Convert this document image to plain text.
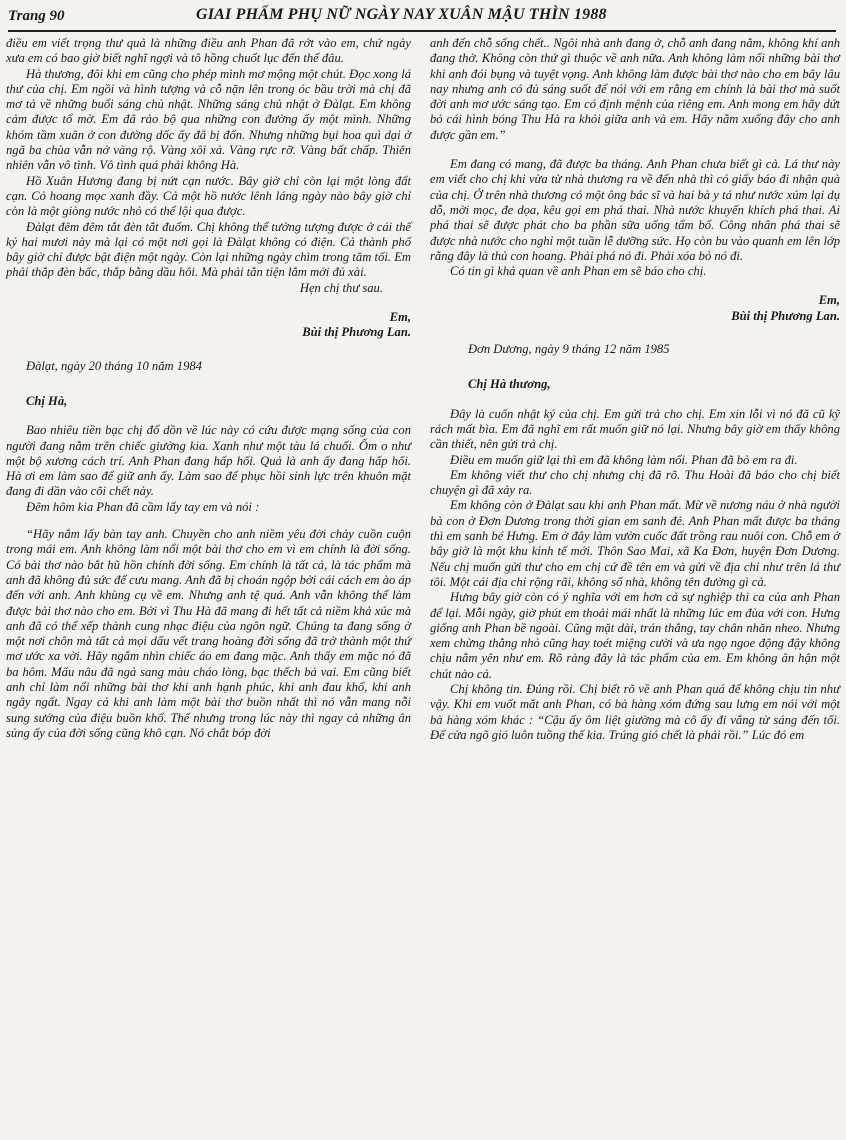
Trang 90	GIAI PHẨM PHỤ NỮ NGÀY NAY XUÂN MẬU THÌN 1988

điều em viết trọng thư quả là những điều anh Phan đã rớt vào em, chứ ngày xưa em có bao giờ biết nghĩ ngợi và tô hồng chuốt lục đến thế đâu.

Hà thương, đôi khi em cũng cho phép mình mơ mộng một chút. Đọc xong lá thư của chị. Em ngồi và hình tượng và cỗ nặn lên trong óc bầu trời mà chị đã mơ tả về những buổi sáng chủ nhật. Những sáng chủ nhật ở Đàlạt. Em không cảm được tổ mờ. Em đã rảo bộ qua những con đường ấy một mình. Những khóm tầm xuân ở con đường dốc ấy đã bị đốn. Nhưng những bụi hoa quì dại ở ngã ba chùa vẫn nở vàng rộ. Vàng xôi xả. Vàng rực rỡ. Vàng bất chấp. Thiên nhiên vẫn vô tình. Vô tình quá phải không Hà.

Hồ Xuân Hương đang bị nứt cạn nước. Bây giờ chỉ còn lại một lòng đất cạn. Cỏ hoang mọc xanh đầy. Cả một hồ nước lênh láng ngày nào bây giờ chỉ còn là một giòng nước nhỏ có thể lội qua được.

Đàlạt đêm đêm tắt đèn tắt đuốm. Chị không thể tưởng tượng được ở cái thế kỷ hai mươi này mà lại có một nơi gọi là Đàlạt không có điện. Cả thành phố bây giờ chỉ được bật điện một ngày. Còn lại những ngày chìm trong tăm tối. Em phải thắp đèn bấc, thắp bằng dầu hôi. Mà phải tằn tiện lắm mới đủ xài.

Hẹn chị thư sau.

Em,

Bùi thị Phương Lan.

Đàlạt, ngày 20 tháng 10 năm 1984

Chị Hà,

Bao nhiêu tiền bạc chị đổ dồn về lúc này có cứu được mạng sống của con người đang nằm trên chiếc giường kia. Xanh như một tàu lá chuối. Ốm o như một bộ xương cách trí. Anh Phan đang hấp hối. Quả là anh ấy đang hấp hối. Hà ơi em làm sao để giữ anh ấy. Làm sao để phục hồi sinh lực trên khuôn mặt đang đi dần vào cõi chết này.

Đêm hôm kia Phan đã cầm lấy tay em và nói :

“Hãy nắm lấy bàn tay anh. Chuyền cho anh niềm yêu đời chảy cuồn cuộn trong mái em. Anh không làm nổi một bài thơ cho em vì em chính là đời sống. Có bài thơ nào bắt hũ hồn chính đời sống. Em chính là tất cả, là tác phẩm mà anh đã không đủ sức để cưu mang. Anh đã bị choán ngộp bởi cái cách em ào áp đến với anh. Anh khùng cụ về em. Nhưng anh tệ quá. Anh vẫn không thể làm được bài thơ nào cho em. Bởi vì Thu Hà đã mang đi hết tất cả niềm khả xúc mà anh đã có thể xếp thành cung nhạc điệu của ngôn ngữ. Chúng ta đang sống ở một nơi chôn mà tất cả mọi dấu vết trang hoàng đời sống đã trở thành một thứ mơ ước xa vời. Hãy ngắm nhìn chiếc áo em đang mặc. Anh thấy em mặc nó đã ba hôm. Mấu nâu đã ngả sang màu cháo lòng, bạc thếch bả vai. Em cũng biết anh chỉ làm nổi những bài thơ khi anh hạnh phúc, khi anh đau khổ, khi anh ngây ngất. Ngay cả khi anh làm một bài thơ buồn nhất thì nó vẫn mang nỗi sung sướng của điệu buồn khổ. Thế nhưng trong lúc này thì ngay cả những ân sủng ấy của đời sống cũng khô cạn. Nó chắt bóp đời

anh đến chỗ sống chết.. Ngôi nhà anh đang ở, chỗ anh đang nằm, không khí anh đang thở. Không còn thứ gì thuộc về anh nữa. Anh không làm nổi những bài thơ khi anh đói bụng và tuyệt vọng. Anh không làm được bài thơ nào cho em bây lâu nay nhưng anh có đủ sáng suốt để nói với em rằng em chính là bài thơ mà suốt đời anh mơ ước sáng tạo. Em có định mệnh của riêng em. Anh mong em hãy dứt bỏ cái hình bóng Thu Hà ra khỏi giữa anh và em. Hãy nằm xuống đây cho anh được gần em.”

Em đang có mang, đã được ba tháng. Anh Phan chưa biết gì cả. Lá thư này em viết cho chị khi vừa từ nhà thương ra về đến nhà thì có giấy báo đi nhận quà của chị. Ở trên nhà thương có một ông bác sĩ và hai bà y tá như nước xúm lại dụ dỗ, mời mọc, đe dọa, kêu gọi em phá thai. Nhà nước khuyến khích phá thai. Ai phá thai sẽ được phát cho ba phần sữa uống tẩm bổ. Công nhân phá thai sẽ được nhà nước cho nghỉ một tuần lễ dưỡng sức. Họ còn bu vào quanh em lên lớp rằng đây là thủ con hoang. Phải phá nó đi. Phải xóa bỏ nó đi.

Có tin gì khả quan về anh Phan em sẽ báo cho chị.

Em,

Bùi thị Phương Lan.

Đơn Dương, ngày 9 tháng 12 năm 1985

Chị Hà thương,

Đây là cuốn nhật ký của chị. Em gửi trả cho chị. Em xin lỗi vì nó đã cũ kỹ rách mất bìa. Em đã nghĩ em rất muốn giữ nó lại. Nhưng bây giờ em thấy không cần thiết, nên gửi trả chị.

Điều em muốn giữ lại thì em đã không làm nổi. Phan đã bỏ em ra đi.

Em không viết thư cho chị nhưng chị đã rõ. Thu Hoài đã báo cho chị biết chuyện gì đã xảy ra.

Em không còn ở Đàlạt sau khi anh Phan mất. Mừ về nương náu ở nhà người bà con ở Đơn Dương trong thời gian em sanh đẻ. Anh Phan mất được ba tháng thì em sanh bé Hưng. Em ở đây làm vườn cuốc đất trồng rau nuôi con. Chỗ em ở bây giờ là một khu kinh tế mới. Thôn Sao Mai, xã Ka Đơn, huyện Đơn Dương. Nếu chị muốn gửi thư cho em chị cứ đề tên em và gửi về địa chỉ như trên lá thư tôi. Một cái địa chỉ rộng rãi, không số nhà, không tên đường gì cả.

Hưng bây giờ còn có ý nghĩa với em hơn cả sự nghiệp thi ca của anh Phan để lại. Mỗi ngày, giờ phút em thoải mái nhất là những lúc em đùa với con. Hưng giống anh Phan bề ngoài. Cũng mặt dài, trán thẳng, tay chân nhăn nheo. Nhưng xem chừng thằng nhỏ cũng hay toét miệng cười và ưa ngọ ngoe động đậy không chịu nằm yên như em. Rõ ràng đây là tác phẩm của em. Em không ân hận một chút nào cả.

Chị không tin. Đúng rồi. Chị biết rõ về anh Phan quá để không chịu tin như vậy. Khi em vuốt mắt anh Phan, có bà hàng xóm đứng sau lưng em nói với một bà hàng xóm khác : “Cậu ấy ôm liệt giường mà cô ấy đi vắng từ sáng đến tối. Để cửa ngõ gió luôn tuồng thế kia. Trúng gió chết là phải rồi.” Lúc đó em
